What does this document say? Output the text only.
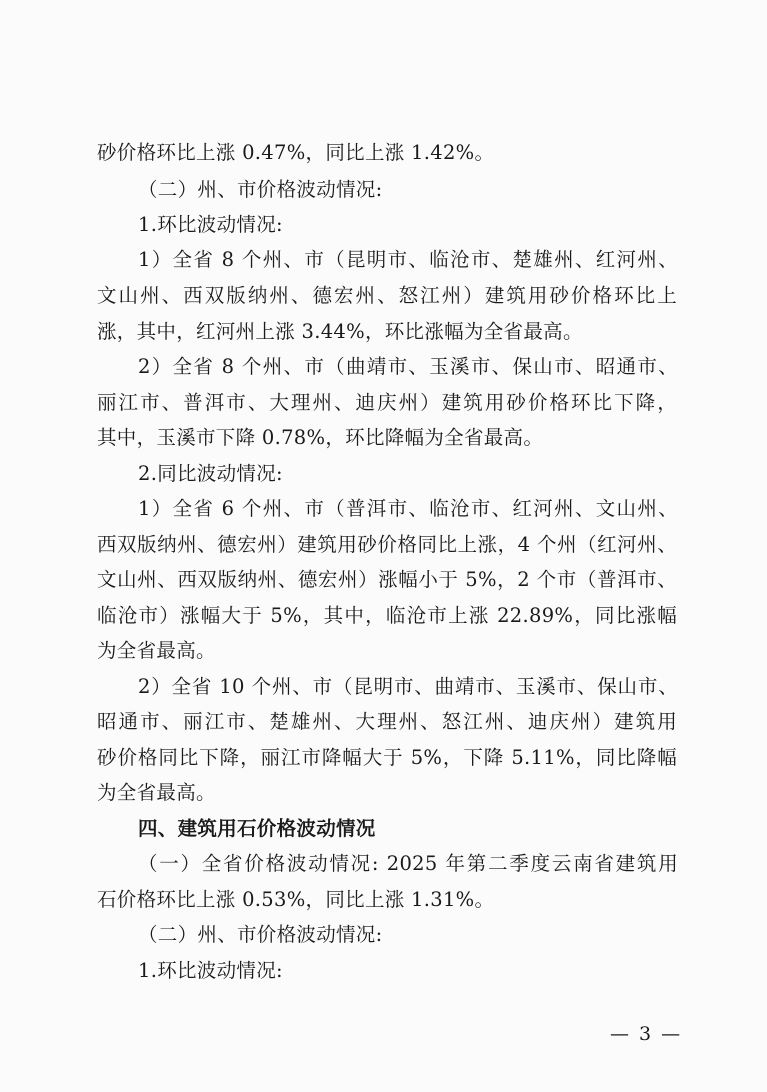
砂价格环比上涨 0.47%，同比上涨 1.42%。
（二）州、市价格波动情况:
1.环比波动情况:
1）全省 8 个州、市（昆明市、临沧市、楚雄州、红河州、
文山州、西双版纳州、德宏州、怒江州）建筑用砂价格环比上
涨，其中，红河州上涨 3.44%，环比涨幅为全省最高。
2）全省 8 个州、市（曲靖市、玉溪市、保山市、昭通市、
丽江市、普洱市、大理州、迪庆州）建筑用砂价格环比下降，
其中，玉溪市下降 0.78%，环比降幅为全省最高。
2.同比波动情况:
1）全省 6 个州、市（普洱市、临沧市、红河州、文山州、
西双版纳州、德宏州）建筑用砂价格同比上涨，4 个州（红河州、
文山州、西双版纳州、德宏州）涨幅小于 5%，2 个市（普洱市、
临沧市）涨幅大于 5%，其中，临沧市上涨 22.89%，同比涨幅
为全省最高。
2）全省 10 个州、市（昆明市、曲靖市、玉溪市、保山市、
昭通市、丽江市、楚雄州、大理州、怒江州、迪庆州）建筑用
砂价格同比下降，丽江市降幅大于 5%，下降 5.11%，同比降幅
为全省最高。
四、建筑用石价格波动情况
（一）全省价格波动情况: 2025 年第二季度云南省建筑用
石价格环比上涨 0.53%，同比上涨 1.31%。
（二）州、市价格波动情况:
1.环比波动情况:
— 3 —
